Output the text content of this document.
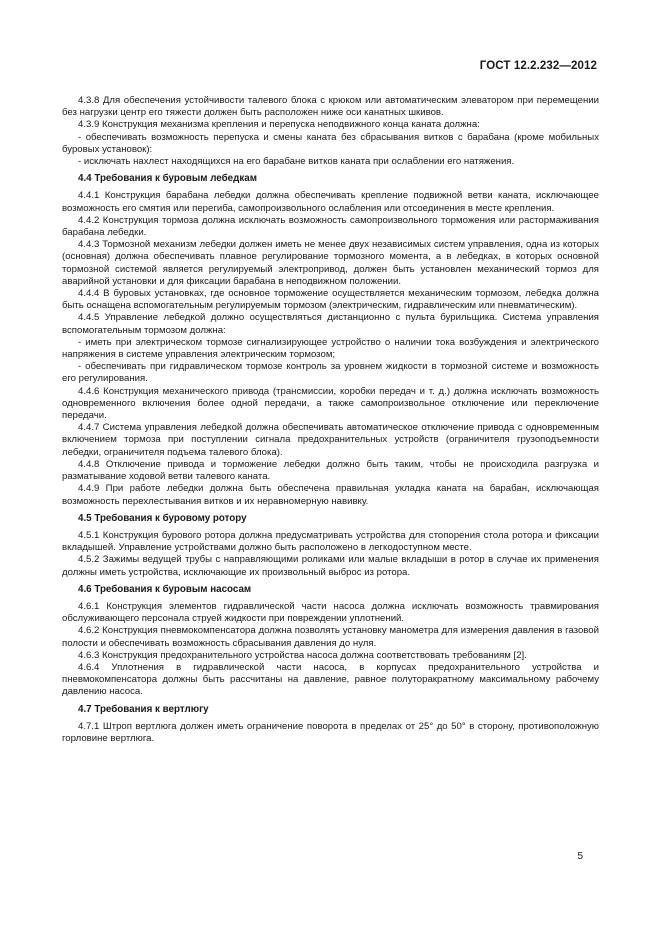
ГОСТ 12.2.232—2012

4.3.8 Для обеспечения устойчивости талевого блока с крюком или автоматическим элеватором при перемещении без нагрузки центр его тяжести должен быть расположен ниже оси канатных шкивов.

4.3.9 Конструкция механизма крепления и перепуска неподвижного конца каната должна:

- обеспечивать возможность перепуска и смены каната без сбрасывания витков с барабана (кроме мобильных буровых установок):

- исключать нахлест находящихся на его барабане витков каната при ослаблении его натяжения.

4.4 Требования к буровым лебедкам

4.4.1 Конструкция барабана лебедки должна обеспечивать крепление подвижной ветви каната, исключающее возможность его смятия или перегиба, самопроизвольного ослабления или отсоединения в месте крепления.

4.4.2 Конструкция тормоза должна исключать возможность самопроизвольного торможения или растормаживания барабана лебедки.

4.4.3 Тормозной механизм лебедки должен иметь не менее двух независимых систем управления, одна из которых (основная) должна обеспечивать плавное регулирование тормозного момента, а в лебедках, в которых основной тормозной системой является регулируемый электропривод, должен быть установлен механический тормоз для аварийной установки и для фиксации барабана в неподвижном положении.

4.4.4 В буровых установках, где основное торможение осуществляется механическим тормозом, лебедка должна быть оснащена вспомогательным регулируемым тормозом (электрическим, гидравлическим или пневматическим).

4.4.5 Управление лебедкой должно осуществляться дистанционно с пульта бурильщика. Система управления вспомогательным тормозом должна:

- иметь при электрическом тормозе сигнализирующее устройство о наличии тока возбуждения и электрического напряжения в системе управления электрическим тормозом;

- обеспечивать при гидравлическом тормозе контроль за уровнем жидкости в тормозной системе и возможность его регулирования.

4.4.6 Конструкция механического привода (трансмиссии, коробки передач и т. д.) должна исключать возможность одновременного включения более одной передачи, а также самопроизвольное отключение или переключение передачи.

4.4.7 Система управления лебедкой должна обеспечивать автоматическое отключение привода с одновременным включением тормоза при поступлении сигнала предохранительных устройств (ограничителя грузоподъемности лебедки, ограничителя подъема талевого блока).

4.4.8 Отключение привода и торможение лебедки должно быть таким, чтобы не происходила разгрузка и разматывание ходовой ветви талевого каната.

4.4.9 При работе лебедки должна быть обеспечена правильная укладка каната на барабан, исключающая возможность перехлестывания витков и их неравномерную навивку.

4.5 Требования к буровому ротору

4.5.1 Конструкция бурового ротора должна предусматривать устройства для стопорения стола ротора и фиксации вкладышей. Управление устройствами должно быть расположено в легкодоступном месте.

4.5.2 Зажимы ведущей трубы с направляющими роликами или малые вкладыши в ротор в случае их применения должны иметь устройства, исключающие их произвольный выброс из ротора.

4.6 Требования к буровым насосам

4.6.1 Конструкция элементов гидравлической части насоса должна исключать возможность травмирования обслуживающего персонала струей жидкости при повреждении уплотнений.

4.6.2 Конструкция пневмокомпенсатора должна позволять установку манометра для измерения давления в газовой полости и обеспечивать возможность сбрасывания давления до нуля.

4.6.3 Конструкция предохранительного устройства насоса должна соответствовать требованиям [2].

4.6.4 Уплотнения в гидравлической части насоса, в корпусах предохранительного устройства и пневмокомпенсатора должны быть рассчитаны на давление, равное полуторакратному максимальному рабочему давлению насоса.

4.7 Требования к вертлюгу

4.7.1 Штроп вертлюга должен иметь ограничение поворота в пределах от 25° до 50° в сторону, противоположную горловине вертлюга.

5
